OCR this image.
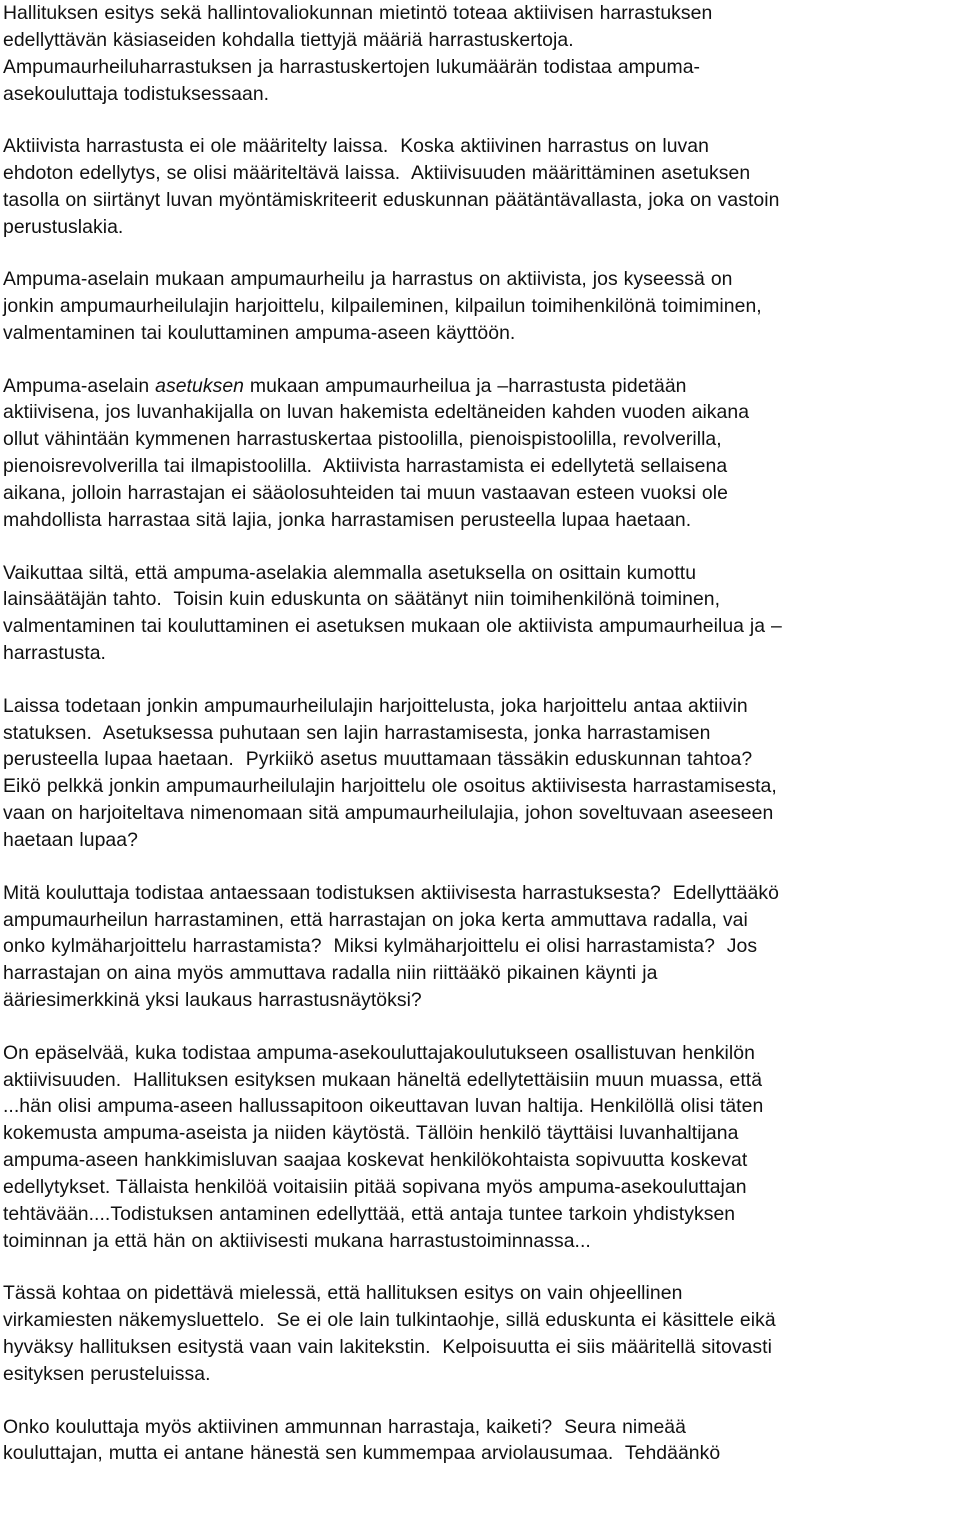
Hallituksen esitys sekä hallintovaliokunnan mietintö toteaa aktiivisen harrastuksen
edellyttävän käsiaseiden kohdalla tiettyjä määriä harrastuskertoja.
Ampumaurheiluharrastuksen ja harrastuskertojen lukumäärän todistaa ampuma-
asekouluttaja todistuksessaan.

Aktiivista harrastusta ei ole määritelty laissa.  Koska aktiivinen harrastus on luvan
ehdoton edellytys, se olisi määriteltävä laissa.  Aktiivisuuden määrittäminen asetuksen
tasolla on siirtänyt luvan myöntämiskriteerit eduskunnan päätäntävallasta, joka on vastoin
perustuslakia.

Ampuma-aselain mukaan ampumaurheilu ja harrastus on aktiivista, jos kyseessä on
jonkin ampumaurheilulajin harjoittelu, kilpaileminen, kilpailun toimihenkilönä toimiminen,
valmentaminen tai kouluttaminen ampuma-aseen käyttöön.

Ampuma-aselain asetuksen mukaan ampumaurheilua ja –harrastusta pidetään
aktiivisena, jos luvanhakijalla on luvan hakemista edeltäneiden kahden vuoden aikana
ollut vähintään kymmenen harrastuskertaa pistoolilla, pienoispistoolilla, revolverilla,
pienoisrevolverilla tai ilmapistoolilla.  Aktiivista harrastamista ei edellytetä sellaisena
aikana, jolloin harrastajan ei sääolosuhteiden tai muun vastaavan esteen vuoksi ole
mahdollista harrastaa sitä lajia, jonka harrastamisen perusteella lupaa haetaan.

Vaikuttaa siltä, että ampuma-aselakia alemmalla asetuksella on osittain kumottu
lainsäätäjän tahto.  Toisin kuin eduskunta on säätänyt niin toimihenkilönä toiminen,
valmentaminen tai kouluttaminen ei asetuksen mukaan ole aktiivista ampumaurheilua ja –
harrastusta.

Laissa todetaan jonkin ampumaurheilulajin harjoittelusta, joka harjoittelu antaa aktiivin
statuksen.  Asetuksessa puhutaan sen lajin harrastamisesta, jonka harrastamisen
perusteella lupaa haetaan.  Pyrkiikö asetus muuttamaan tässäkin eduskunnan tahtoa?
Eikö pelkkä jonkin ampumaurheilulajin harjoittelu ole osoitus aktiivisesta harrastamisesta,
vaan on harjoiteltava nimenomaan sitä ampumaurheilulajia, johon soveltuvaan aseeseen
haetaan lupaa?

Mitä kouluttaja todistaa antaessaan todistuksen aktiivisesta harrastuksesta?  Edellyttääkö
ampumaurheilun harrastaminen, että harrastajan on joka kerta ammuttava radalla, vai
onko kylmäharjoittelu harrastamista?  Miksi kylmäharjoittelu ei olisi harrastamista?  Jos
harrastajan on aina myös ammuttava radalla niin riittääkö pikainen käynti ja
ääriesimerkkinä yksi laukaus harrastusnäytöksi?

On epäselvää, kuka todistaa ampuma-asekouluttajakoulutukseen osallistuvan henkilön
aktiivisuuden.  Hallituksen esityksen mukaan häneltä edellytettäisiin muun muassa, että
...hän olisi ampuma-aseen hallussapitoon oikeuttavan luvan haltija. Henkilöllä olisi täten
kokemusta ampuma-aseista ja niiden käytöstä. Tällöin henkilö täyttäisi luvanhaltijana
ampuma-aseen hankkimisluvan saajaa koskevat henkilökohtaista sopivuutta koskevat
edellytykset. Tällaista henkilöä voitaisiin pitää sopivana myös ampuma-asekouluttajan
tehtävään....Todistuksen antaminen edellyttää, että antaja tuntee tarkoin yhdistyksen
toiminnan ja että hän on aktiivisesti mukana harrastustoiminnassa...

Tässä kohtaa on pidettävä mielessä, että hallituksen esitys on vain ohjeellinen
virkamiesten näkemysluettelo.  Se ei ole lain tulkintaohje, sillä eduskunta ei käsittele eikä
hyväksy hallituksen esitystä vaan vain lakitekstin.  Kelpoisuutta ei siis määritellä sitovasti
esityksen perusteluissa.

Onko kouluttaja myös aktiivinen ammunnan harrastaja, kaiketi?  Seura nimeää
kouluttajan, mutta ei antane hänestä sen kummempaa arviolausumaa.  Tehdäänkö
